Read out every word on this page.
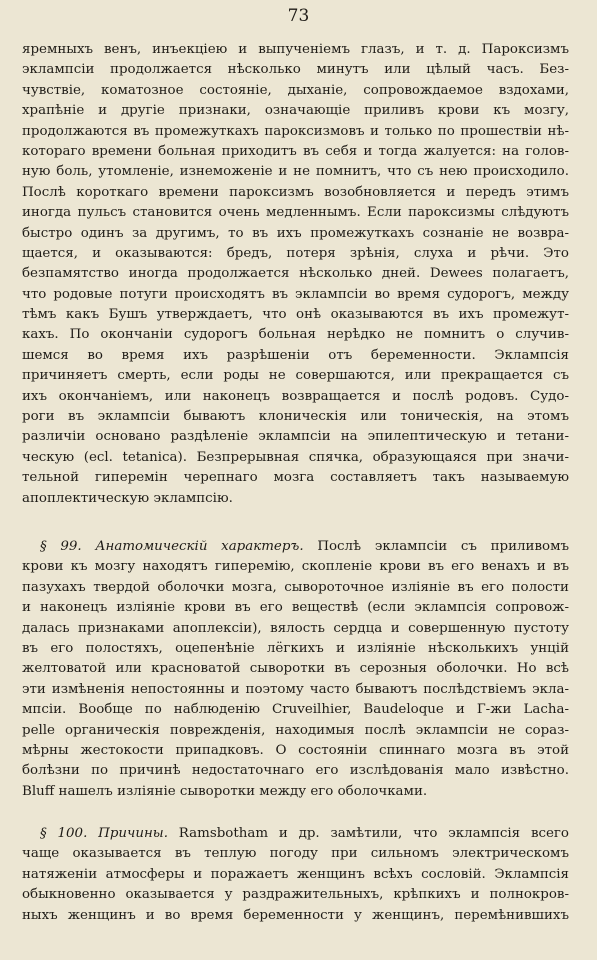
73
яремныхъ венъ, инъекціею и выпученіемъ глазъ, и т. д. Пароксизмъ
эклампсіи продолжается нѣсколько минутъ или цѣлый часъ. Без-
чувствіе, коматозное состояніе, дыханіе, сопровождаемое вздохами,
храпѣніе и другіе признаки, означающіе приливъ крови къ мозгу,
продолжаются въ промежуткахъ пароксизмовъ и только по прошествіи нѣ-
котораго времени больная приходитъ въ себя и тогда жалуется: на голов-
ную боль, утомленіе, изнеможеніе и не помнитъ, что съ нею происходило.
Послѣ короткаго времени пароксизмъ возобновляется и передъ этимъ
иногда пульсъ становится очень медленнымъ. Если пароксизмы слѣдуютъ
быстро одинъ за другимъ, то въ ихъ промежуткахъ сознаніе не возвра-
щается, и оказываются: бредъ, потеря зрѣнія, слуха и рѣчи. Это
безпамятство иногда продолжается нѣсколько дней. Dewees полагаетъ,
что родовые потуги происходятъ въ эклампсіи во время судорогъ, между
тѣмъ какъ Бушъ утверждаетъ, что онѣ оказываются въ ихъ промежут-
кахъ. По окончаніи судорогъ больная нерѣдко не помнитъ о случив-
шемся во время ихъ разрѣшеніи отъ беременности. Эклампсія
причиняетъ смерть, если роды не совершаются, или прекращается съ
ихъ окончаніемъ, или наконецъ возвращается и послѣ родовъ. Судо-
роги въ эклампсіи бываютъ клоническія или тоническія, на этомъ
различіи основано раздѣленіе эклампсіи на эпилептическую и тетани-
ческую (ecl. tetanica). Безпрерывная спячка, образующаяся при значи-
тельной гиперемін черепнаго мозга составляетъ такъ называемую
апоплектическую эклампсію.
§ 99. Анатомическій характеръ. Послѣ эклампсіи съ приливомъ
крови къ мозгу находятъ гиперемію, скопленіе крови въ его венахъ и въ
пазухахъ твердой оболочки мозга, сывороточное изліяніе въ его полости
и наконецъ изліяніе крови въ его веществѣ (если эклампсія сопровож-
далась признаками апоплексіи), вялость сердца и совершенную пустоту
въ его полостяхъ, оцепенѣніе лёгкихъ и изліяніе нѣсколькихъ унцій
желтоватой или красноватой сыворотки въ серозныя оболочки. Но всѣ
эти измѣненія непостоянны и поэтому часто бываютъ послѣдствіемъ экла-
мпсіи. Вообще по наблюденію Cruveilhier, Baudeloque и Г-жи Lacha-
pelle органическія поврежденія, находимыя послѣ эклампсіи не сораз-
мѣрны жестокости припадковъ. О состояніи спиннаго мозга въ этой
болѣзни по причинѣ недостаточнаго его изслѣдованія мало извѣстно.
Bluff нашелъ изліяніе сыворотки между его оболочками.
§ 100. Причины. Ramsbotham и др. замѣтили, что эклампсія всего
чаще оказывается въ теплую погоду при сильномъ электрическомъ
натяженіи атмосферы и поражаетъ женщинъ всѣхъ сословій. Эклампсія
обыкновенно оказывается у раздражительныхъ, крѣпкихъ и полнокров-
ныхъ женщинъ и во время беременности у женщинъ, перемѣнившихъ
